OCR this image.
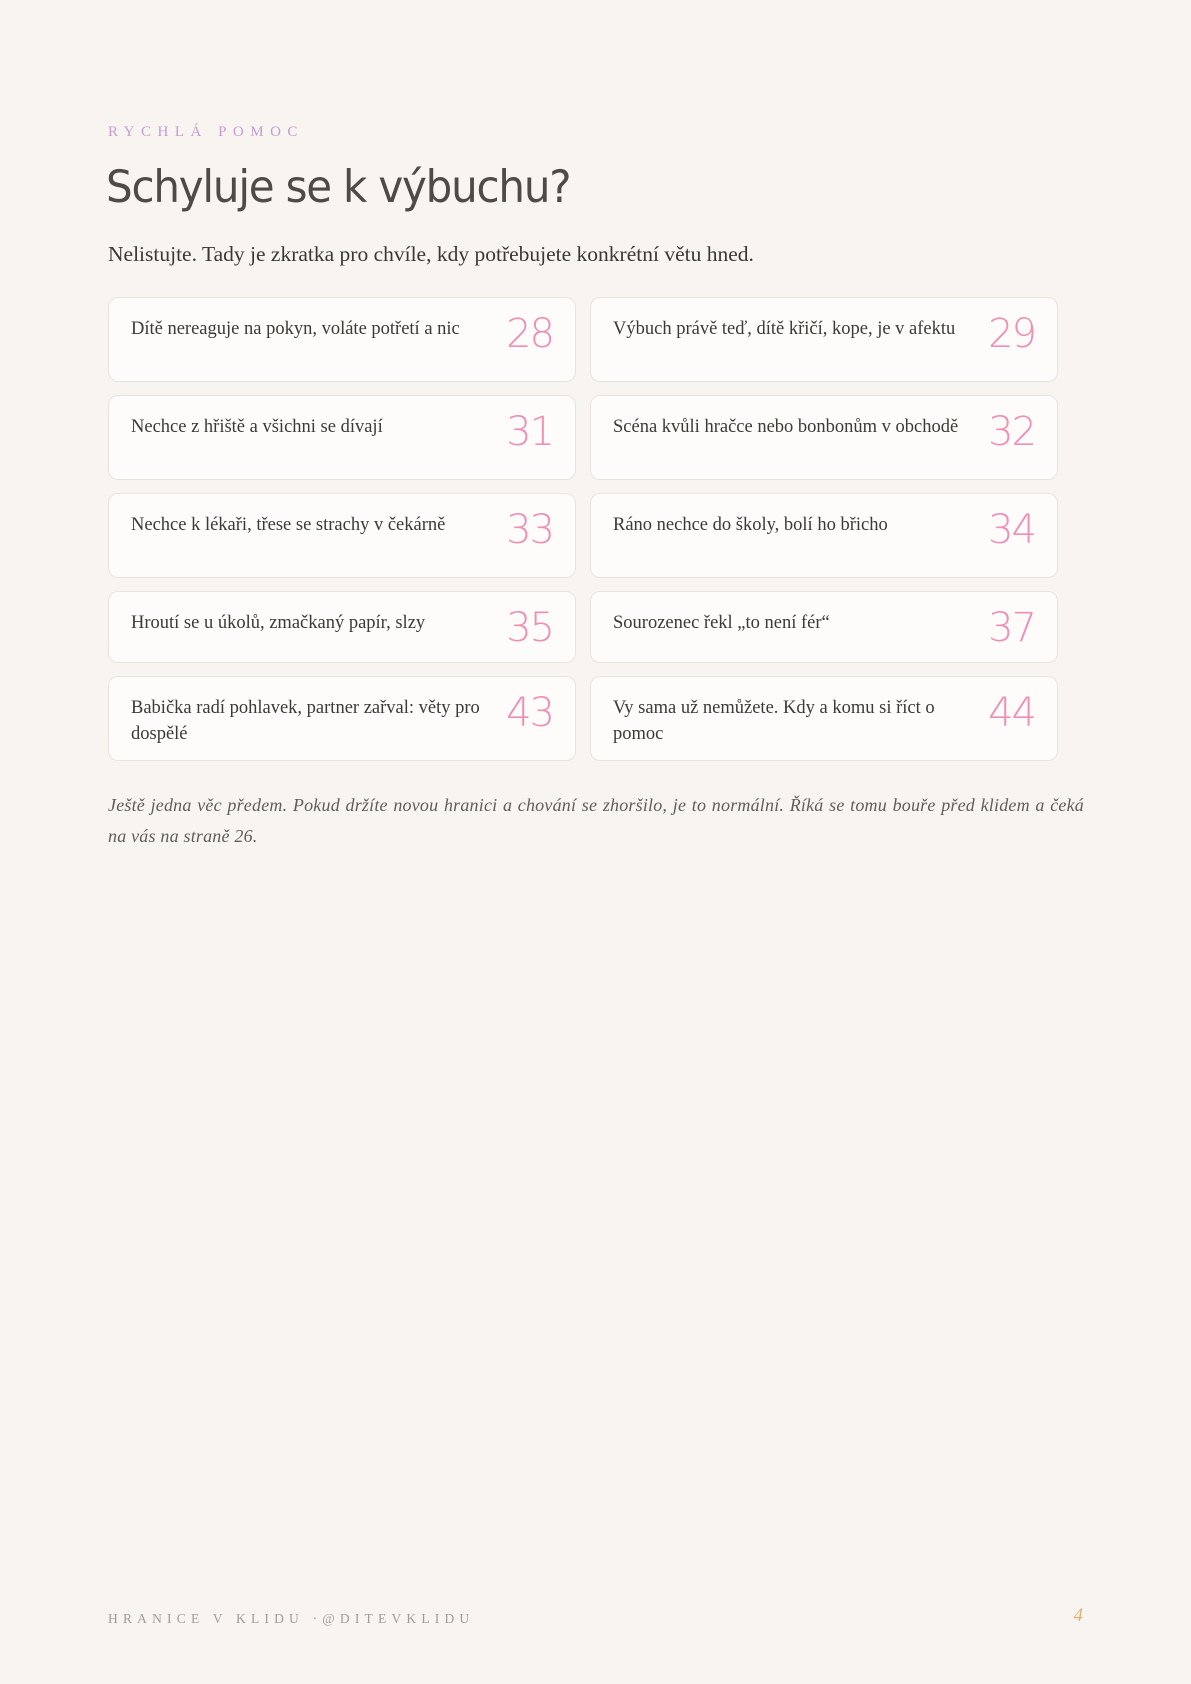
RYCHLÁ POMOC
Schyluje se k výbuchu?

Nelistujte. Tady je zkratka pro chvíle, kdy potřebujete konkrétní větu hned.

Dítě nereaguje na pokyn, voláte potřetí a nic	28	Výbuch právě teď, dítě křičí, kope, je v afektu 29
Nechce z hřiště a všichni se dívají	31	Scéna kvůli hračce nebo bonbonům v obchodě 32
Nechce k lékaři, třese se strachy v čekárně	33	Ráno nechce do školy, bolí ho břicho	34
Hroutí se u úkolů, zmačkaný papír, slzy	35	Sourozenec řekl „to není fér“	37
Babička radí pohlavek, partner zařval: věty pro dospělé	43	Vy sama už nemůžete. Kdy a komu si říct o pomoc	44

Ještě jedna věc předem. Pokud držíte novou hranici a chování se zhoršilo, je to normální. Říká se tomu bouře před klidem a čeká na vás na straně 26.

HRANICE V KLIDU ·@DITEVKLIDU	4
